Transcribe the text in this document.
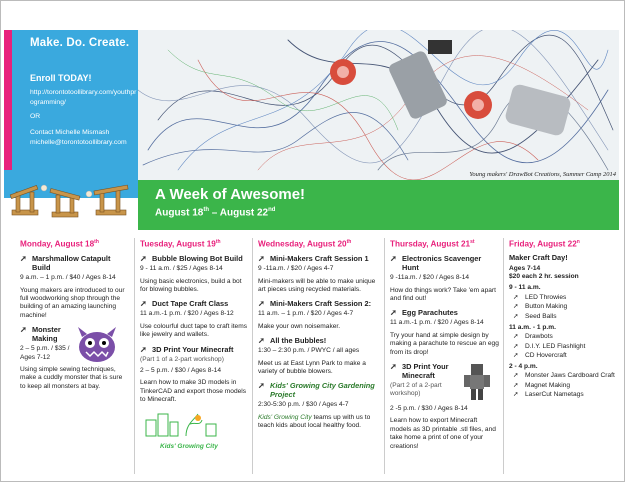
Make. Do. Create.
Enroll TODAY!
http://torontotoollibrary.com/youthprogramming/
OR
Contact Michelle Mismash michelle@torontotoollibrary.com
Young makers' DrawBot Creations, Summer Camp 2014
A Week of Awesome!
August 18th – August 22nd
Monday, August 18th
➚ Marshmallow Catapult Build
9 a.m. – 1 p.m. / $40 / Ages 8-14
Young makers are introduced to our full woodworking shop through the building of an amazing launching machine!
➚ Monster Making
2 – 5 p.m. / $35 / Ages 7-12
Using simple sewing techniques, make a cuddly monster that is sure to keep all monsters at bay.
Tuesday, August 19th
➚ Bubble Blowing Bot Build
9 - 11 a.m. / $25 / Ages 8-14
Using basic electronics, build a bot for blowing bubbles.
➚ Duct Tape Craft Class
11 a.m.-1 p.m. / $20 / Ages 8-12
Use colourful duct tape to craft items like jewelry and wallets.
➚ 3D Print Your Minecraft
(Part 1 of a 2-part workshop)
2 – 5 p.m. / $30 / Ages 8-14
Learn how to make 3D models in TinkerCAD and export those models to Minecraft.
Kids' Growing City
Wednesday, August 20th
➚ Mini-Makers Craft Session 1
9 -11a.m. / $20 / Ages 4-7
Mini-makers will be able to make unique art pieces using recycled materials.
➚ Mini-Makers Craft Session 2:
11 a.m. – 1 p.m. / $20 / Ages 4-7
Make your own noisemaker.
➚ All the Bubbles!
1:30 – 2:30 p.m. / PWYC / all ages
Meet us at East Lynn Park to make a variety of bubble blowers.
➚ Kids' Growing City Gardening Project
2:30-5:30 p.m. / $30 / Ages 4-7
Kids' Growing City teams up with us to teach kids about local healthy food.
Thursday, August 21st
➚ Electronics Scavenger Hunt
9 -11a.m. / $20 / Ages 8-14
How do things work? Take 'em apart and find out!
➚ Egg Parachutes
11 a.m.-1 p.m. / $20 / Ages 8-14
Try your hand at simple design by making a parachute to rescue an egg from its drop!
➚ 3D Print Your Minecraft
(Part 2 of a 2-part workshop)
2 -5 p.m. / $30 / Ages 8-14
Learn how to export Minecraft models as 3D printable .stl files, and take home a print of one of your creations!
Friday, August 22$^n$
Maker Craft Day!
Ages 7-14
$20 each 2 hr. session
9 - 11 a.m.
➚ LED Throwies
➚ Button Making
➚ Seed Balls
11 a.m. - 1 p.m.
➚ Drawbots
➚ D.I.Y. LED Flashlight
➚ CD Hovercraft
2 - 4 p.m.
➚ Monster Jaws Cardboard Craft
➚ Magnet Making
➚ LaserCut Nametags
